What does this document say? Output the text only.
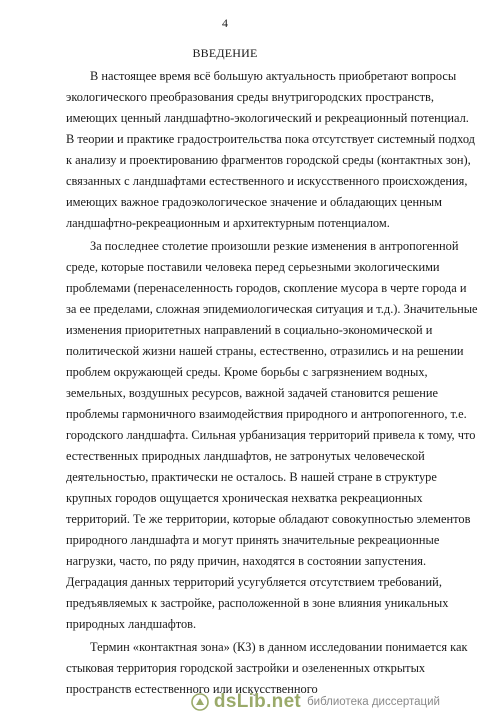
4
ВВЕДЕНИЕ
В настоящее время всё большую актуальность приобретают вопросы
экологического преобразования среды внутригородских пространств,
имеющих ценный ландшафтно-экологический и рекреационный потенциал.
В теории и практике градостроительства пока отсутствует системный подход
к анализу и проектированию фрагментов городской среды (контактных зон),
связанных с ландшафтами естественного и искусственного происхождения,
имеющих важное градоэкологическое значение и обладающих ценным
ландшафтно-рекреационным и архитектурным потенциалом.
За последнее столетие произошли резкие изменения в антропогенной
среде, которые поставили человека перед серьезными экологическими
проблемами (перенаселенность городов, скопление мусора в черте города и
за ее пределами, сложная эпидемиологическая ситуация и т.д.). Значительные
изменения приоритетных направлений в социально-экономической и
политической жизни нашей страны, естественно, отразились и на решении
проблем окружающей среды. Кроме борьбы с загрязнением водных,
земельных, воздушных ресурсов, важной задачей становится решение
проблемы гармоничного взаимодействия природного и антропогенного, т.е.
городского ландшафта. Сильная урбанизация территорий привела к тому, что
естественных природных ландшафтов, не затронутых человеческой
деятельностью, практически не осталось. В нашей стране в структуре
крупных городов ощущается хроническая нехватка рекреационных
территорий. Те же территории, которые обладают совокупностью элементов
природного ландшафта и могут принять значительные рекреационные
нагрузки, часто, по ряду причин, находятся в состоянии запустения.
Деградация данных территорий усугубляется отсутствием требований,
предъявляемых к застройке, расположенной в зоне влияния уникальных
природных ландшафтов.
Термин «контактная зона» (КЗ) в данном исследовании понимается как
стыковая территория городской застройки и озелененных открытых
пространств естественного или искусственного
dsLib.net библиотека диссертаций
